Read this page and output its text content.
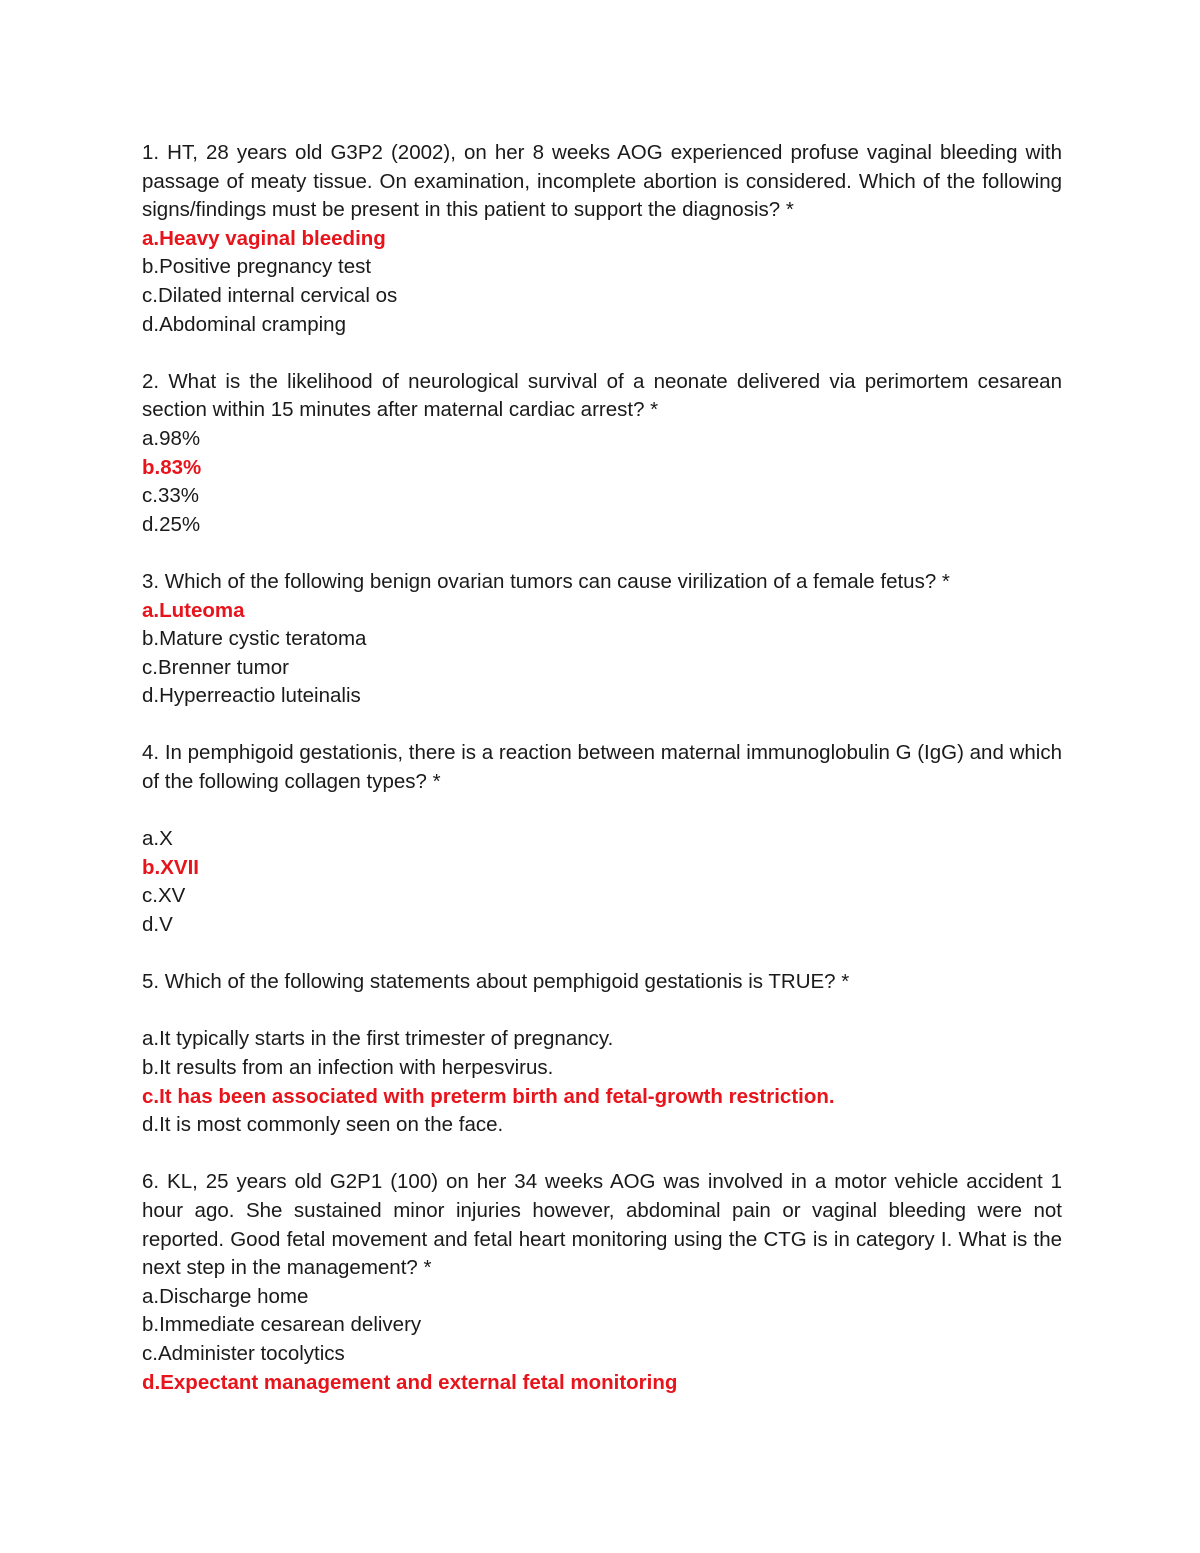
1. HT, 28 years old G3P2 (2002), on her 8 weeks AOG experienced profuse vaginal bleeding with passage of meaty tissue. On examination, incomplete abortion is considered. Which of the following signs/findings must be present in this patient to support the diagnosis? *

a.Heavy vaginal bleeding
b.Positive pregnancy test
c.Dilated internal cervical os
d.Abdominal cramping

2. What is the likelihood of neurological survival of a neonate delivered via perimortem cesarean section within 15 minutes after maternal cardiac arrest? *

a.98%
b.83%
c.33%
d.25%

3. Which of the following benign ovarian tumors can cause virilization of a female fetus? *

a.Luteoma
b.Mature cystic teratoma
c.Brenner tumor
d.Hyperreactio luteinalis

4. In pemphigoid gestationis, there is a reaction between maternal immunoglobulin G (IgG) and which of the following collagen types? *

a.X
b.XVII
c.XV
d.V

5. Which of the following statements about pemphigoid gestationis is TRUE? *

a.It typically starts in the first trimester of pregnancy.
b.It results from an infection with herpesvirus.
c.It has been associated with preterm birth and fetal-growth restriction.
d.It is most commonly seen on the face.

6. KL, 25 years old G2P1 (100) on her 34 weeks AOG was involved in a motor vehicle accident 1 hour ago. She sustained minor injuries however, abdominal pain or vaginal bleeding were not reported. Good fetal movement and fetal heart monitoring using the CTG is in category I. What is the next step in the management? *

a.Discharge home
b.Immediate cesarean delivery
c.Administer tocolytics
d.Expectant management and external fetal monitoring
